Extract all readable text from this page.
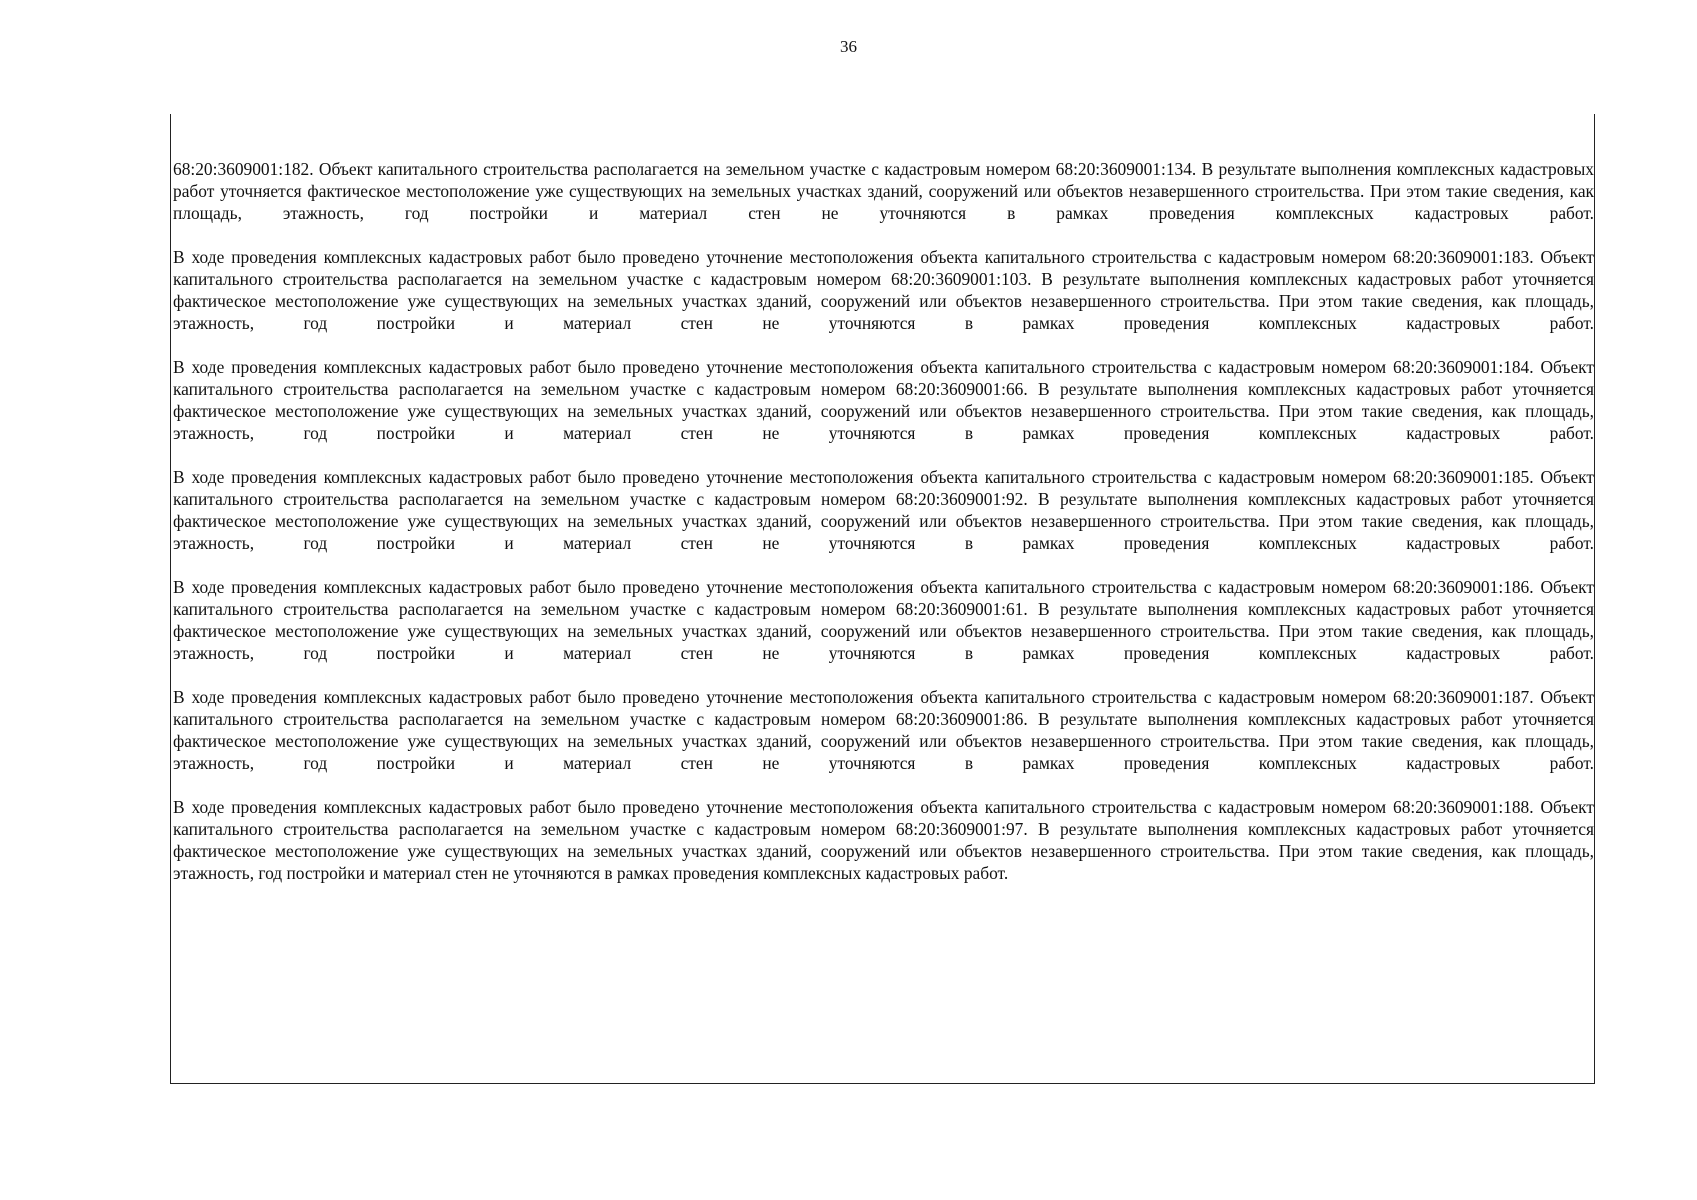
36

68:20:3609001:182. Объект капитального строительства располагается на земельном участке с кадастровым номером 68:20:3609001:134. В результате выполнения комплексных кадастровых работ уточняется фактическое местоположение уже существующих на земельных участках зданий, сооружений или объектов незавершенного строительства. При этом такие сведения, как площадь, этажность, год постройки и материал стен не уточняются в рамках проведения комплексных кадастровых работ.

В ходе проведения комплексных кадастровых работ было проведено уточнение местоположения объекта капитального строительства с кадастровым номером 68:20:3609001:183. Объект капитального строительства располагается на земельном участке с кадастровым номером 68:20:3609001:103. В результате выполнения комплексных кадастровых работ уточняется фактическое местоположение уже существующих на земельных участках зданий, сооружений или объектов незавершенного строительства. При этом такие сведения, как площадь, этажность, год постройки и материал стен не уточняются в рамках проведения комплексных кадастровых работ.

В ходе проведения комплексных кадастровых работ было проведено уточнение местоположения объекта капитального строительства с кадастровым номером 68:20:3609001:184. Объект капитального строительства располагается на земельном участке с кадастровым номером 68:20:3609001:66. В результате выполнения комплексных кадастровых работ уточняется фактическое местоположение уже существующих на земельных участках зданий, сооружений или объектов незавершенного строительства. При этом такие сведения, как площадь, этажность, год постройки и материал стен не уточняются в рамках проведения комплексных кадастровых работ.

В ходе проведения комплексных кадастровых работ было проведено уточнение местоположения объекта капитального строительства с кадастровым номером 68:20:3609001:185. Объект капитального строительства располагается на земельном участке с кадастровым номером 68:20:3609001:92. В результате выполнения комплексных кадастровых работ уточняется фактическое местоположение уже существующих на земельных участках зданий, сооружений или объектов незавершенного строительства. При этом такие сведения, как площадь, этажность, год постройки и материал стен не уточняются в рамках проведения комплексных кадастровых работ.

В ходе проведения комплексных кадастровых работ было проведено уточнение местоположения объекта капитального строительства с кадастровым номером 68:20:3609001:186. Объект капитального строительства располагается на земельном участке с кадастровым номером 68:20:3609001:61. В результате выполнения комплексных кадастровых работ уточняется фактическое местоположение уже существующих на земельных участках зданий, сооружений или объектов незавершенного строительства. При этом такие сведения, как площадь, этажность, год постройки и материал стен не уточняются в рамках проведения комплексных кадастровых работ.

В ходе проведения комплексных кадастровых работ было проведено уточнение местоположения объекта капитального строительства с кадастровым номером 68:20:3609001:187. Объект капитального строительства располагается на земельном участке с кадастровым номером 68:20:3609001:86. В результате выполнения комплексных кадастровых работ уточняется фактическое местоположение уже существующих на земельных участках зданий, сооружений или объектов незавершенного строительства. При этом такие сведения, как площадь, этажность, год постройки и материал стен не уточняются в рамках проведения комплексных кадастровых работ.

В ходе проведения комплексных кадастровых работ было проведено уточнение местоположения объекта капитального строительства с кадастровым номером 68:20:3609001:188. Объект капитального строительства располагается на земельном участке с кадастровым номером 68:20:3609001:97. В результате выполнения комплексных кадастровых работ уточняется фактическое местоположение уже существующих на земельных участках зданий, сооружений или объектов незавершенного строительства. При этом такие сведения, как площадь, этажность, год постройки и материал стен не уточняются в рамках проведения комплексных кадастровых работ.
